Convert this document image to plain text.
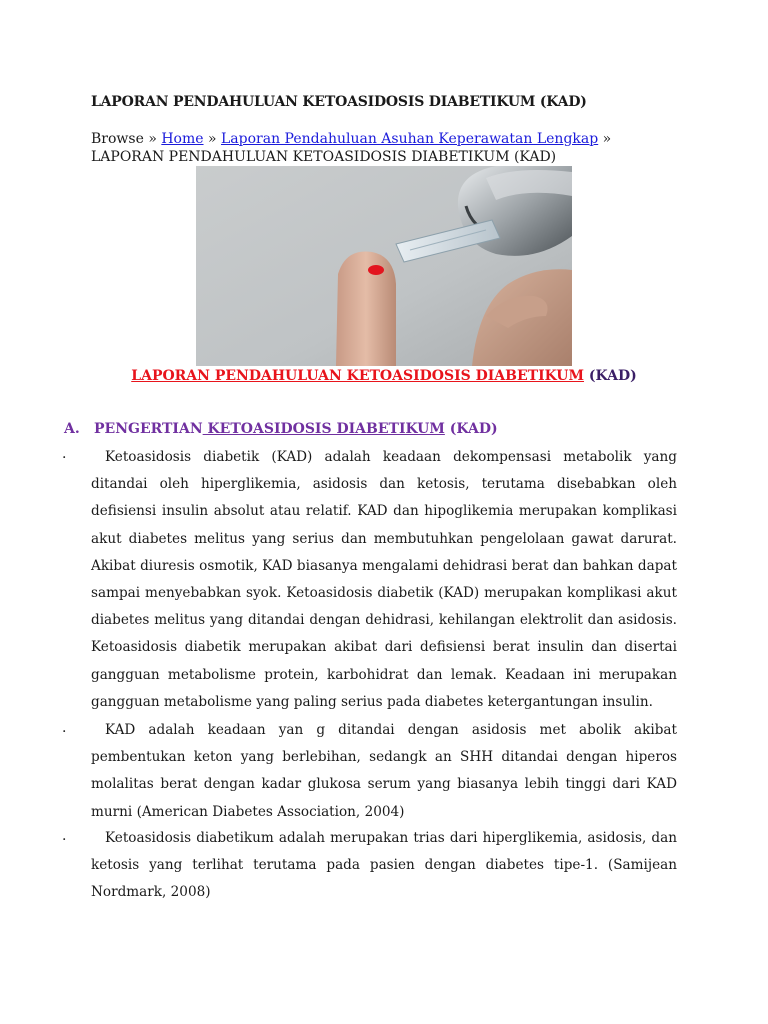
LAPORAN PENDAHULUAN KETOASIDOSIS DIABETIKUM (KAD)
Browse » Home » Laporan Pendahuluan Asuhan Keperawatan Lengkap » LAPORAN PENDAHULUAN KETOASIDOSIS DIABETIKUM (KAD)
LAPORAN PENDAHULUAN KETOASIDOSIS DIABETIKUM (KAD)
A. PENGERTIAN KETOASIDOSIS DIABETIKUM (KAD)
·	Ketoasidosis diabetik (KAD) adalah keadaan dekompensasi metabolik yang ditandai oleh hiperglikemia, asidosis dan ketosis, terutama disebabkan oleh defisiensi insulin absolut atau relatif. KAD dan hipoglikemia merupakan komplikasi akut diabetes melitus yang serius dan membutuhkan pengelolaan gawat darurat. Akibat diuresis osmotik, KAD biasanya mengalami dehidrasi berat dan bahkan dapat sampai menyebabkan syok. Ketoasidosis diabetik (KAD) merupakan komplikasi akut diabetes melitus yang ditandai dengan dehidrasi, kehilangan elektrolit dan asidosis. Ketoasidosis diabetik merupakan akibat dari defisiensi berat insulin dan disertai gangguan metabolisme protein, karbohidrat dan lemak. Keadaan ini merupakan gangguan metabolisme yang paling serius pada diabetes ketergantungan insulin.
·	KAD adalah keadaan yan g ditandai dengan asidosis met abolik akibat pembentukan keton yang berlebihan, sedangk an SHH ditandai dengan hiperos molalitas berat dengan kadar glukosa serum yang biasanya lebih tinggi dari KAD murni (American Diabetes Association, 2004)
·	Ketoasidosis diabetikum adalah merupakan trias dari hiperglikemia, asidosis, dan ketosis yang terlihat terutama pada pasien dengan diabetes tipe-1. (Samijean Nordmark, 2008)
